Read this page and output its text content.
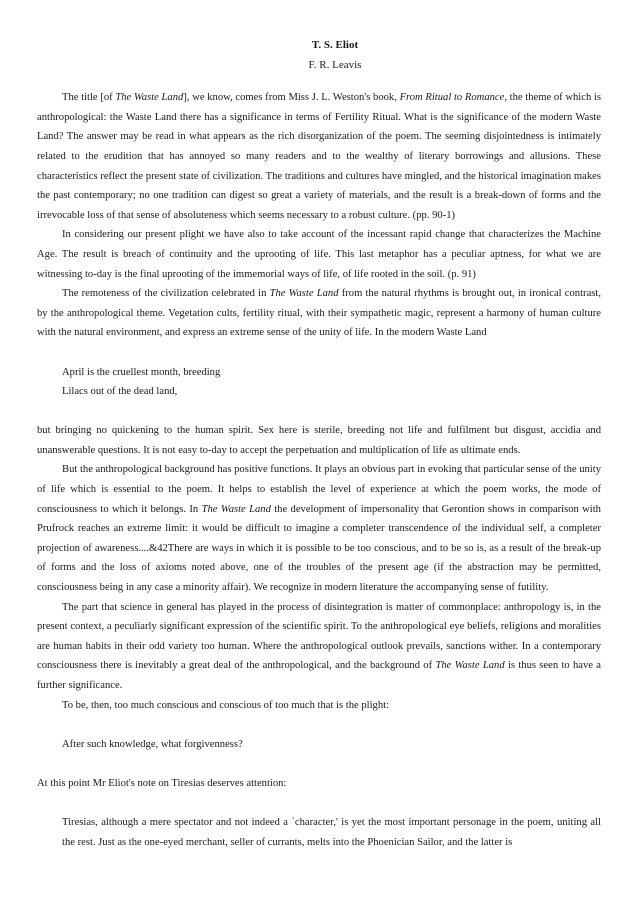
T. S. Eliot
F. R. Leavis

The title [of The Waste Land], we know, comes from Miss J. L. Weston's book, From Ritual to Romance, the theme of which is anthropological: the Waste Land there has a significance in terms of Fertility Ritual. What is the significance of the modern Waste Land? The answer may be read in what appears as the rich disorganization of the poem. The seeming disjointedness is intimately related to the erudition that has annoyed so many readers and to the wealthy of literary borrowings and allusions. These characteristics reflect the present state of civilization. The traditions and cultures have mingled, and the historical imagination makes the past contemporary; no one tradition can digest so great a variety of materials, and the result is a break-down of forms and the irrevocable loss of that sense of absoluteness which seems necessary to a robust culture. (pp. 90-1)

In considering our present plight we have also to take account of the incessant rapid change that characterizes the Machine Age. The result is breach of continuity and the uprooting of life. This last metaphor has a peculiar aptness, for what we are witnessing to-day is the final uprooting of the immemorial ways of life, of life rooted in the soil. (p. 91)

The remoteness of the civilization celebrated in The Waste Land from the natural rhythms is brought out, in ironical contrast, by the anthropological theme. Vegetation cults, fertility ritual, with their sympathetic magic, represent a harmony of human culture with the natural environment, and express an extreme sense of the unity of life. In the modern Waste Land

April is the cruellest month, breeding

Lilacs out of the dead land,

but bringing no quickening to the human spirit. Sex here is sterile, breeding not life and fulfilment but disgust, accidia and unanswerable questions. It is not easy to-day to accept the perpetuation and multiplication of life as ultimate ends.

But the anthropological background has positive functions. It plays an obvious part in evoking that particular sense of the unity of life which is essential to the poem. It helps to establish the level of experience at which the poem works, the mode of consciousness to which it belongs. In The Waste Land the development of impersonality that Gerontion shows in comparison with Prufrock reaches an extreme limit: it would be difficult to imagine a completer transcendence of the individual self, a completer projection of awareness....&42There are ways in which it is possible to be too conscious, and to be so is, as a result of the break-up of forms and the loss of axioms noted above, one of the troubles of the present age (if the abstraction may be permitted, consciousness being in any case a minority affair). We recognize in modern literature the accompanying sense of futility.

The part that science in general has played in the process of disintegration is matter of commonplace: anthropology is, in the present context, a peculiarly significant expression of the scientific spirit. To the anthropological eye beliefs, religions and moralities are human habits in their odd variety too human. Where the anthropological outlook prevails, sanctions wither. In a contemporary consciousness there is inevitably a great deal of the anthropological, and the background of The Waste Land is thus seen to have a further significance.

To be, then, too much conscious and conscious of too much that is the plight:

After such knowledge, what forgivenness?

At this point Mr Eliot's note on Tiresias deserves attention:

Tiresias, although a mere spectator and not indeed a `character,' is yet the most important personage in the poem, uniting all the rest. Just as the one-eyed merchant, seller of currants, melts into the Phoenician Sailor, and the latter is
